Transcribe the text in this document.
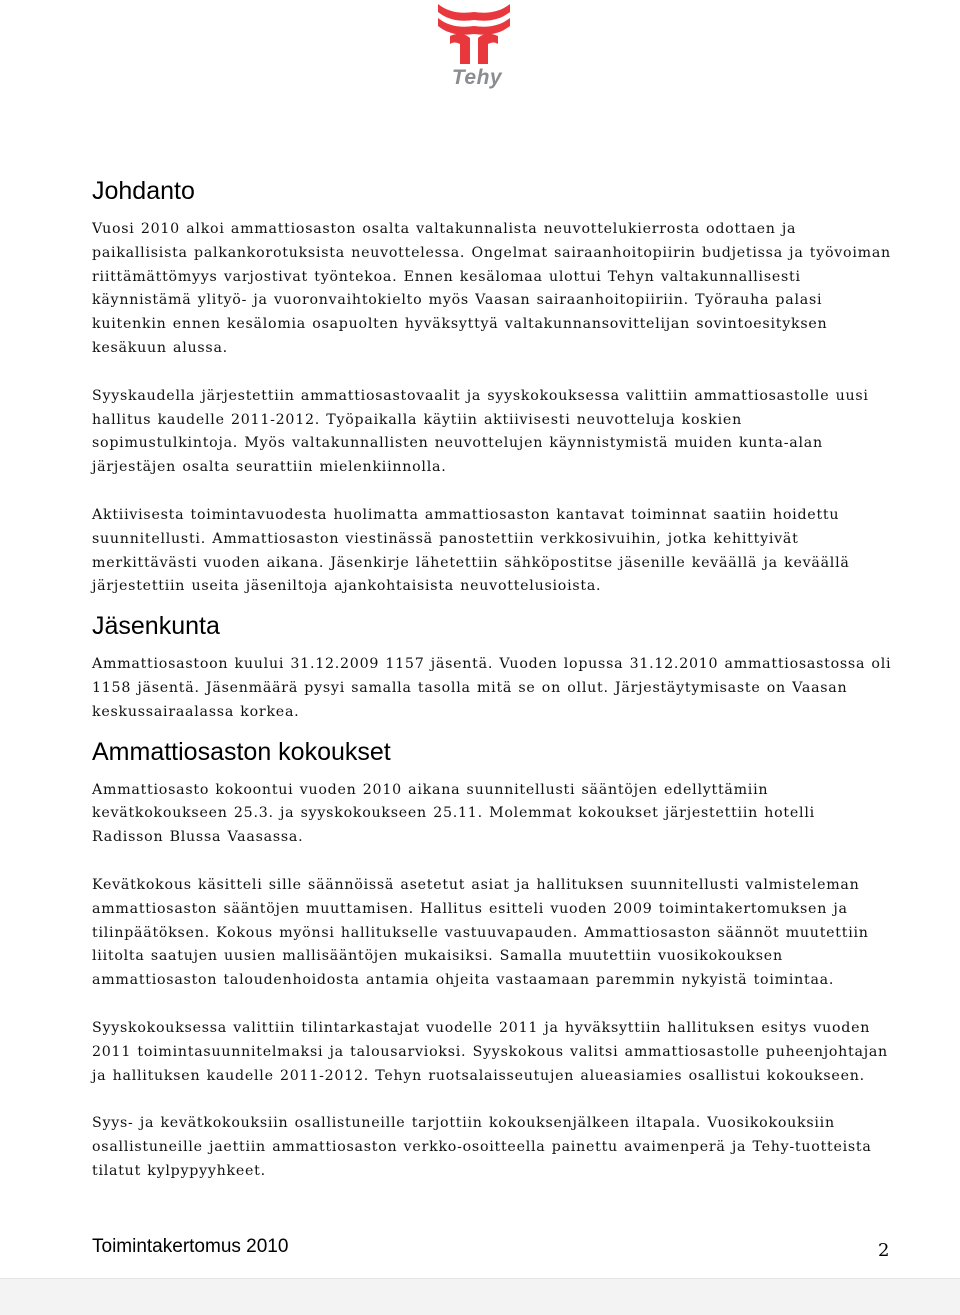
Tehy
Johdanto

Vuosi 2010 alkoi ammattiosaston osalta valtakunnalista neuvottelukierrosta odottaen ja paikallisista palkankorotuksista neuvottelessa. Ongelmat sairaanhoitopiirin budjetissa ja työvoiman riittämättömyys varjostivat työntekoa. Ennen kesälomaa ulottui Tehyn valtakunnallisesti käynnistämä ylityö- ja vuoronvaihtokielto myös Vaasan sairaanhoitopiiriin. Työrauha palasi kuitenkin ennen kesälomia osapuolten hyväksyttyä valtakunnansovittelijan sovintoesityksen kesäkuun alussa.

Syyskaudella järjestettiin ammattiosastovaalit ja syyskokouksessa valittiin ammattiosastolle uusi hallitus kaudelle 2011-2012. Työpaikalla käytiin aktiivisesti neuvotteluja koskien sopimustulkintoja. Myös valtakunnallisten neuvottelujen käynnistymistä muiden kunta-alan järjestäjen osalta seurattiin mielenkiinnolla.

Aktiivisesta toimintavuodesta huolimatta ammattiosaston kantavat toiminnat saatiin hoidettu suunnitellusti. Ammattiosaston viestinässä panostettiin verkkosivuihin, jotka kehittyivät merkittävästi vuoden aikana. Jäsenkirje lähetettiin sähköpostitse jäsenille keväällä ja keväällä järjestettiin useita jäseniltoja ajankohtaisista neuvottelusioista.

Jäsenkunta

Ammattiosastoon kuului 31.12.2009 1157 jäsentä. Vuoden lopussa 31.12.2010 ammattiosastossa oli 1158 jäsentä. Jäsenmäärä pysyi samalla tasolla mitä se on ollut. Järjestäytymisaste on Vaasan keskussairaalassa korkea.

Ammattiosaston kokoukset

Ammattiosasto kokoontui vuoden 2010 aikana suunnitellusti sääntöjen edellyttämiin kevätkokoukseen 25.3. ja syyskokoukseen 25.11. Molemmat kokoukset järjestettiin hotelli Radisson Blussa Vaasassa.

Kevätkokous käsitteli sille säännöissä asetetut asiat ja hallituksen suunnitellusti valmisteleman ammattiosaston sääntöjen muuttamisen. Hallitus esitteli vuoden 2009 toimintakertomuksen ja tilinpäätöksen. Kokous myönsi hallitukselle vastuuvapauden. Ammattiosaston säännöt muutettiin liitolta saatujen uusien mallisääntöjen mukaisiksi. Samalla muutettiin vuosikokouksen ammattiosaston taloudenhoidosta antamia ohjeita vastaamaan paremmin nykyistä toimintaa.

Syyskokouksessa valittiin tilintarkastajat vuodelle 2011 ja hyväksyttiin hallituksen esitys vuoden 2011 toimintasuunnitelmaksi ja talousarvioksi. Syyskokous valitsi ammattiosastolle puheenjohtajan ja hallituksen kaudelle 2011-2012. Tehyn ruotsalaisseutujen alueasiamies osallistui kokoukseen.

Syys- ja kevätkokouksiin osallistuneille tarjottiin kokouksenjälkeen iltapala. Vuosikokouksiin osallistuneille jaettiin ammattiosaston verkko-osoitteella painettu avaimenperä ja Tehy-tuotteista tilatut kylpypyyhkeet.

Toimintakertomus 2010	2
